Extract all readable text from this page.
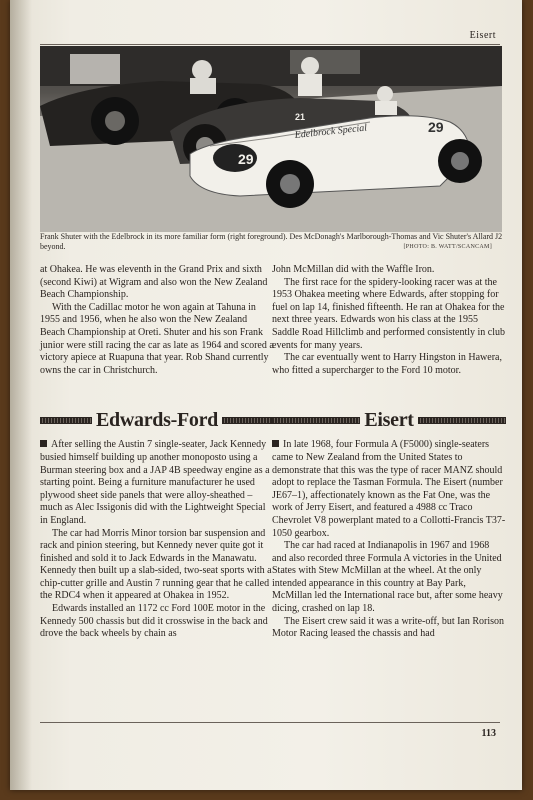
Eisert
Edelbrock Special
29
21
29
Frank Shuter with the Edelbrock in its more familiar form (right foreground). Des McDonagh's Marlborough-Thomas and Vic Shuter's Allard J2 beyond.	[PHOTO: B. WATT/SCANCAM]

at Ohakea. He was eleventh in the Grand Prix and sixth (second Kiwi) at Wigram and also won the New Zealand Beach Championship.

With the Cadillac motor he won again at Tahuna in 1955 and 1956, when he also won the New Zealand Beach Championship at Oreti. Shuter and his son Frank junior were still racing the car as late as 1964 and scored a victory apiece at Ruapuna that year. Rob Shand currently owns the car in Christchurch.

Edwards-Ford

After selling the Austin 7 single-seater, Jack Kennedy busied himself building up another monoposto using a Burman steering box and a JAP 4B speedway engine as a starting point. Being a furniture manufacturer he used plywood sheet side panels that were alloy-sheathed – much as Alec Issigonis did with the Lightweight Special in England.

The car had Morris Minor torsion bar suspension and rack and pinion steering, but Kennedy never quite got it finished and sold it to Jack Edwards in the Manawatu. Kennedy then built up a slab-sided, two-seat sports with a chip-cutter grille and Austin 7 running gear that he called the RDC4 when it appeared at Ohakea in 1952.

Edwards installed an 1172 cc Ford 100E motor in the Kennedy 500 chassis but did it crosswise in the back and drove the back wheels by chain as

John McMillan did with the Waffle Iron.

The first race for the spidery-looking racer was at the 1953 Ohakea meeting where Edwards, after stopping for fuel on lap 14, finished fifteenth. He ran at Ohakea for the next three years. Edwards won his class at the 1955 Saddle Road Hillclimb and performed consistently in club events for many years.

The car eventually went to Harry Hingston in Hawera, who fitted a supercharger to the Ford 10 motor.

Eisert

In late 1968, four Formula A (F5000) single-seaters came to New Zealand from the United States to demonstrate that this was the type of racer MANZ should adopt to replace the Tasman Formula. The Eisert (number JE67–1), affectionately known as the Fat One, was the work of Jerry Eisert, and featured a 4988 cc Traco Chevrolet V8 powerplant mated to a Collotti-Francis T37-1050 gearbox.

The car had raced at Indianapolis in 1967 and 1968 and also recorded three Formula A victories in the United States with Stew McMillan at the wheel. At the only intended appearance in this country at Bay Park, McMillan led the International race but, after some heavy dicing, crashed on lap 18.

The Eisert crew said it was a write-off, but Ian Rorison Motor Racing leased the chassis and had

113
